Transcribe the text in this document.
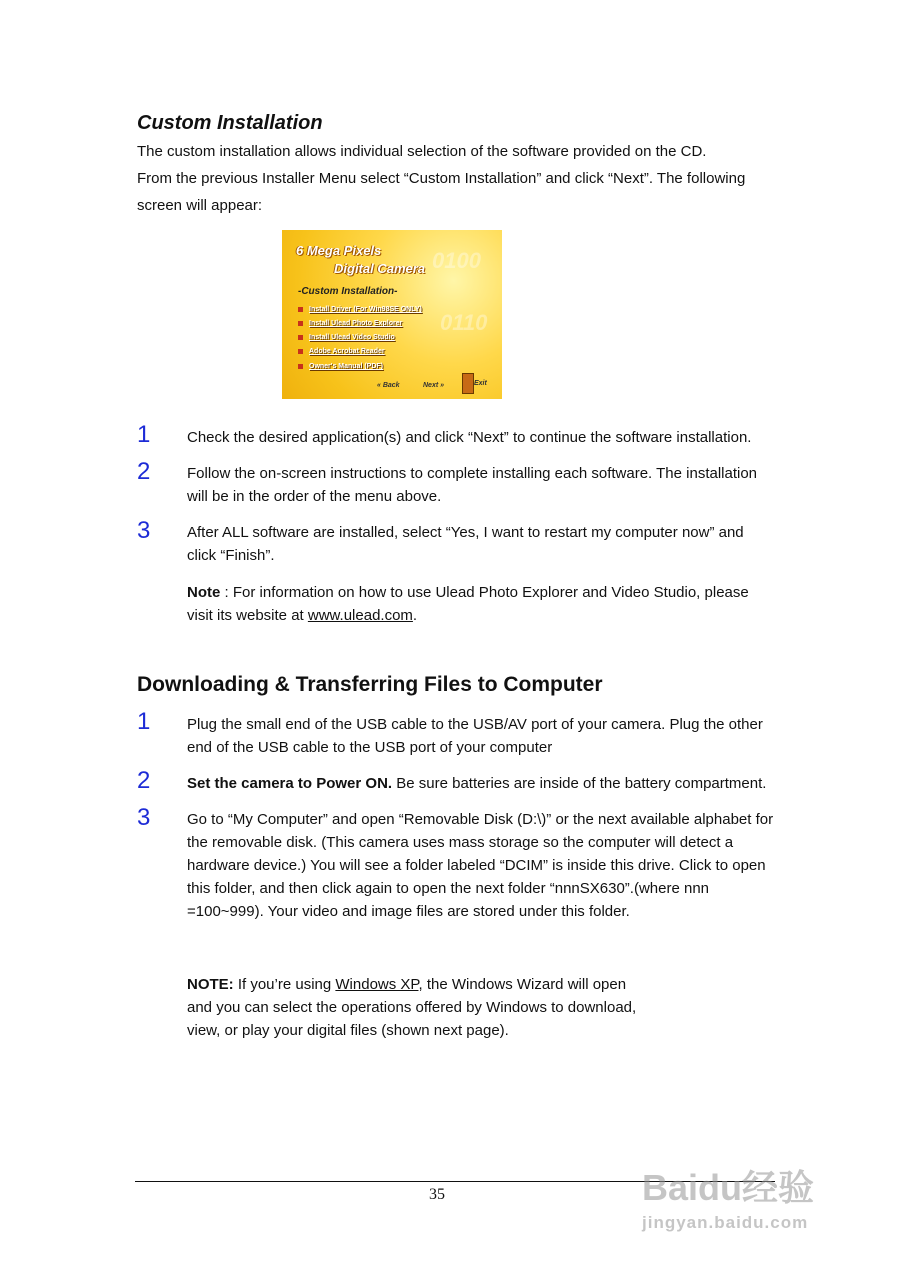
Custom Installation
The custom installation allows individual selection of the software provided on the CD.
From the previous Installer Menu select “Custom Installation” and click “Next”. The following
screen will appear:
0100
0110
6 Mega Pixels
Digital Camera
-Custom Installation-
Install Driver (For Win98SE ONLY)
Install Ulead Photo Explorer
Install Ulead Video Studio
Adobe Acrobat Reader
Owner's Manual (PDF)
« Back	Next »	Exit
1 Check the desired application(s) and click “Next” to continue the software installation.
2 Follow the on-screen instructions to complete installing each software. The installation will be in the order of the menu above.
3 After ALL software are installed, select “Yes, I want to restart my computer now” and click “Finish”.
Note : For information on how to use Ulead Photo Explorer and Video Studio, please visit its website at www.ulead.com.
Downloading & Transferring Files to Computer
1 Plug the small end of the USB cable to the USB/AV port of your camera. Plug the other end of the USB cable to the USB port of your computer
2 Set the camera to Power ON. Be sure batteries are inside of the battery compartment.
3 Go to “My Computer” and open “Removable Disk (D:\)” or the next available alphabet for the removable disk. (This camera uses mass storage so the computer will detect a hardware device.) You will see a folder labeled “DCIM” is inside this drive. Click to open this folder, and then click again to open the next folder “nnnSX630”.(where nnn =100~999). Your video and image files are stored under this folder.
NOTE: If you’re using Windows XP, the Windows Wizard will open
and you can select the operations offered by Windows to download,
view, or play your digital files (shown next page).
35	Baidu经验
jingyan.baidu.com
